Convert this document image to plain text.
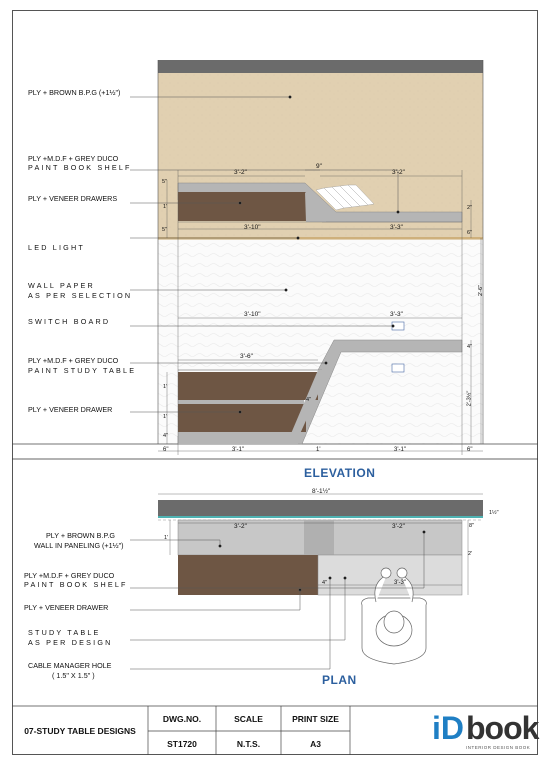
PLY + BROWN B.P.G (+1½")
PLY +M.D.F + GREY DUCO
PAINT BOOK SHELF
PLY + VENEER DRAWERS
LED LIGHT
WALL PAPER
AS PER SELECTION
SWITCH BOARD
PLY +M.D.F + GREY DUCO
PAINT STUDY TABLE
PLY + VENEER DRAWER
3'-2"
9"
3'-2"
3'-10"	3'-3"
5"
1'
5"
2"
6"
2'-6"
3'-10"	3'-3"
3'-6"
4"
2'-3½"
1'
1'
4"
4"
6"	3'-1"	1'	3'-1"	6"
ELEVATION
8'-1½"
1½"
3'-2"	3'-2"	8"
1'
2'
4"	3'-3"
PLY + BROWN B.P.G
WALL IN PANELING (+1½")
PLY +M.D.F + GREY DUCO
PAINT BOOK SHELF
PLY + VENEER DRAWER
STUDY TABLE
AS PER DESIGN
CABLE MANAGER HOLE
( 1.5" X 1.5" )	PLAN
07-STUDY TABLE DESIGNS
DWG.NO.	SCALE	PRINT SIZE
ST1720	N.T.S.	A3	iD book
INTERIOR DESIGN BOOK
